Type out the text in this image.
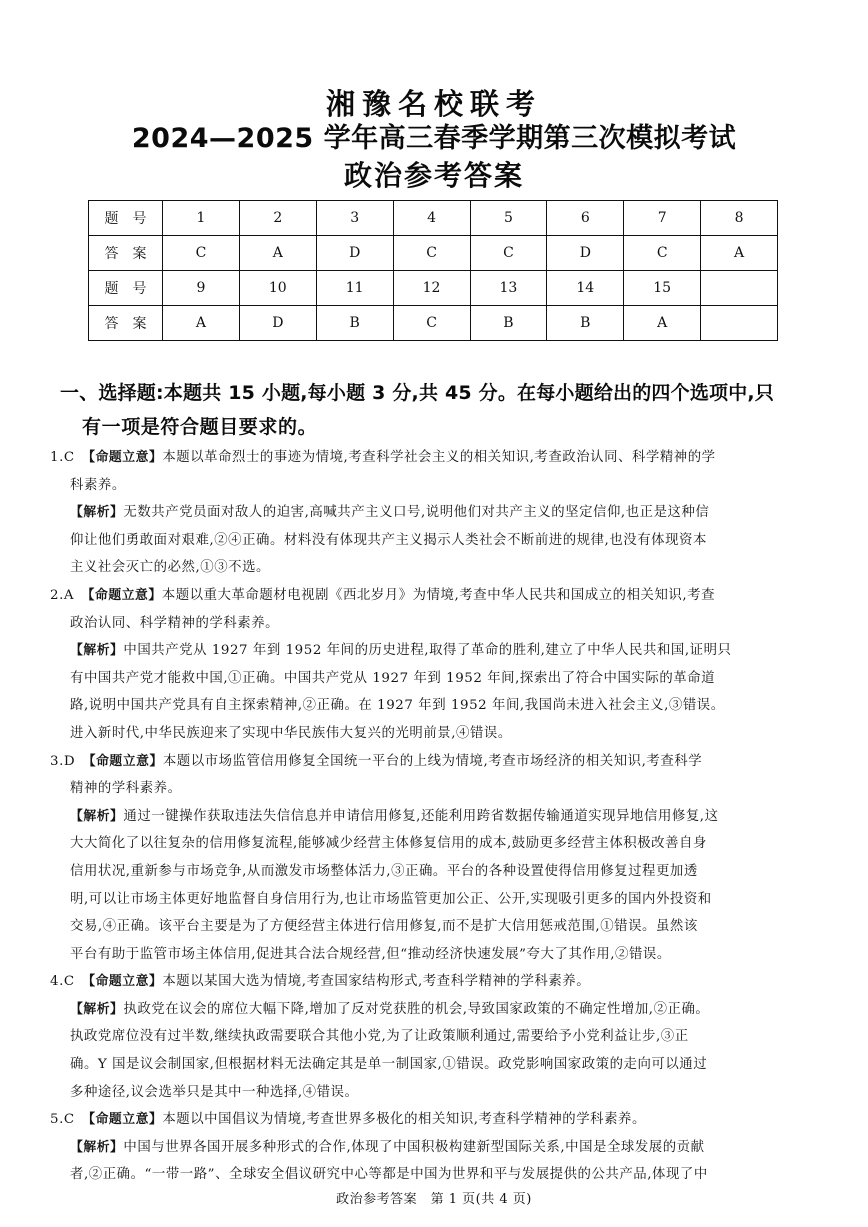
湘豫名校联考
2024—2025 学年高三春季学期第三次模拟考试
政治参考答案
题号	1	2	3	4	5	6	7	8
答案	C	A	D	C	C	D	C	A
题号	9	10	11	12	13	14	15	
答案	A	D	B	C	B	B	A	
一、选择题:本题共 15 小题,每小题 3 分,共 45 分。在每小题给出的四个选项中,只
有一项是符合题目要求的。
1.C　 【命题立意】本题以革命烈士的事迹为情境,考查科学社会主义的相关知识,考查政治认同、科学精神的学
科素养。
【解析】无数共产党员面对敌人的迫害,高喊共产主义口号,说明他们对共产主义的坚定信仰,也正是这种信
仰让他们勇敢面对艰难,②④正确。材料没有体现共产主义揭示人类社会不断前进的规律,也没有体现资本
主义社会灭亡的必然,①③不选。
2.A　 【命题立意】本题以重大革命题材电视剧《西北岁月》为情境,考查中华人民共和国成立的相关知识,考查
政治认同、科学精神的学科素养。
【解析】中国共产党从 1927 年到 1952 年间的历史进程,取得了革命的胜利,建立了中华人民共和国,证明只
有中国共产党才能救中国,①正确。中国共产党从 1927 年到 1952 年间,探索出了符合中国实际的革命道
路,说明中国共产党具有自主探索精神,②正确。在 1927 年到 1952 年间,我国尚未进入社会主义,③错误。
进入新时代,中华民族迎来了实现中华民族伟大复兴的光明前景,④错误。
3.D　 【命题立意】本题以市场监管信用修复全国统一平台的上线为情境,考查市场经济的相关知识,考查科学
精神的学科素养。
【解析】通过一键操作获取违法失信信息并申请信用修复,还能利用跨省数据传输通道实现异地信用修复,这
大大简化了以往复杂的信用修复流程,能够减少经营主体修复信用的成本,鼓励更多经营主体积极改善自身
信用状况,重新参与市场竞争,从而激发市场整体活力,③正确。平台的各种设置使得信用修复过程更加透
明,可以让市场主体更好地监督自身信用行为,也让市场监管更加公正、公开,实现吸引更多的国内外投资和
交易,④正确。该平台主要是为了方便经营主体进行信用修复,而不是扩大信用惩戒范围,①错误。虽然该
平台有助于监管市场主体信用,促进其合法合规经营,但“推动经济快速发展”夸大了其作用,②错误。
4.C　 【命题立意】本题以某国大选为情境,考查国家结构形式,考查科学精神的学科素养。
【解析】执政党在议会的席位大幅下降,增加了反对党获胜的机会,导致国家政策的不确定性增加,②正确。
执政党席位没有过半数,继续执政需要联合其他小党,为了让政策顺利通过,需要给予小党利益让步,③正
确。Y 国是议会制国家,但根据材料无法确定其是单一制国家,①错误。政党影响国家政策的走向可以通过
多种途径,议会选举只是其中一种选择,④错误。
5.C　 【命题立意】本题以中国倡议为情境,考查世界多极化的相关知识,考查科学精神的学科素养。
【解析】中国与世界各国开展多种形式的合作,体现了中国积极构建新型国际关系,中国是全球发展的贡献
者,②正确。“一带一路”、全球安全倡议研究中心等都是中国为世界和平与发展提供的公共产品,体现了中
政治参考答案　第 1 页(共 4 页)
